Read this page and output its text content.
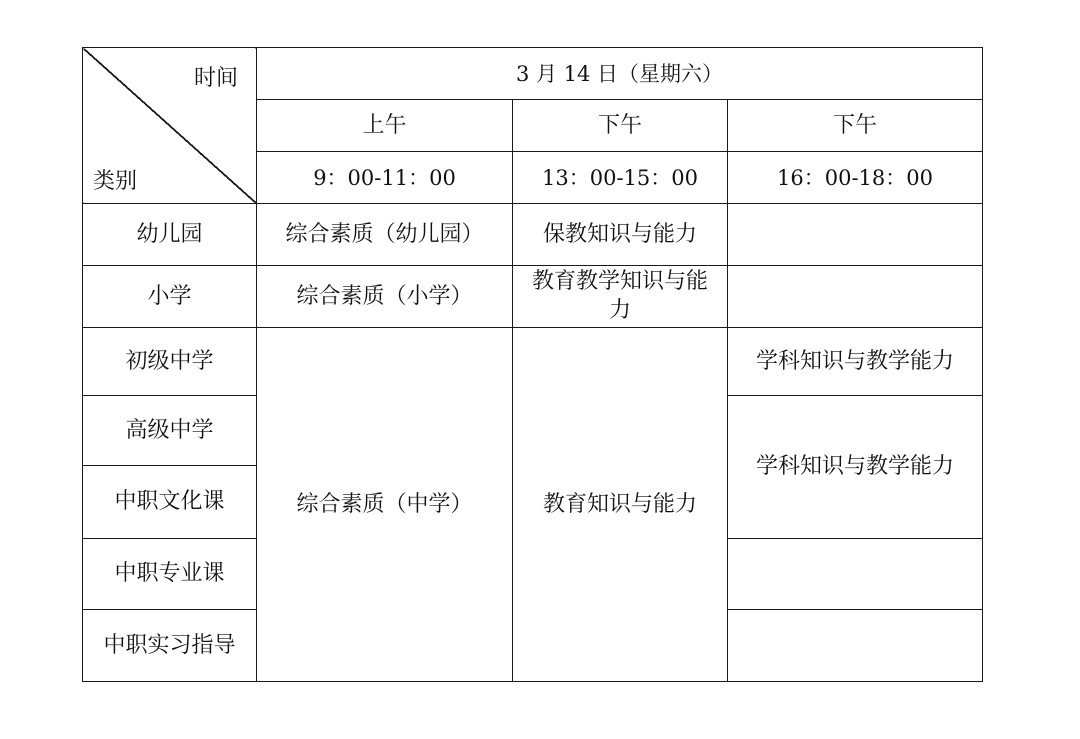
时间
类别	3 月 14 日（星期六）		
	上午	下午	下午
	9：00-11：00	13：00-15：00	16：00-18：00
幼儿园	综合素质（幼儿园）	保教知识与能力	
小学	综合素质（小学）	教育教学知识与能力	
初级中学	综合素质（中学）	教育知识与能力	学科知识与教学能力
高级中学			学科知识与教学能力
中职文化课			
中职专业课			
中职实习指导			
